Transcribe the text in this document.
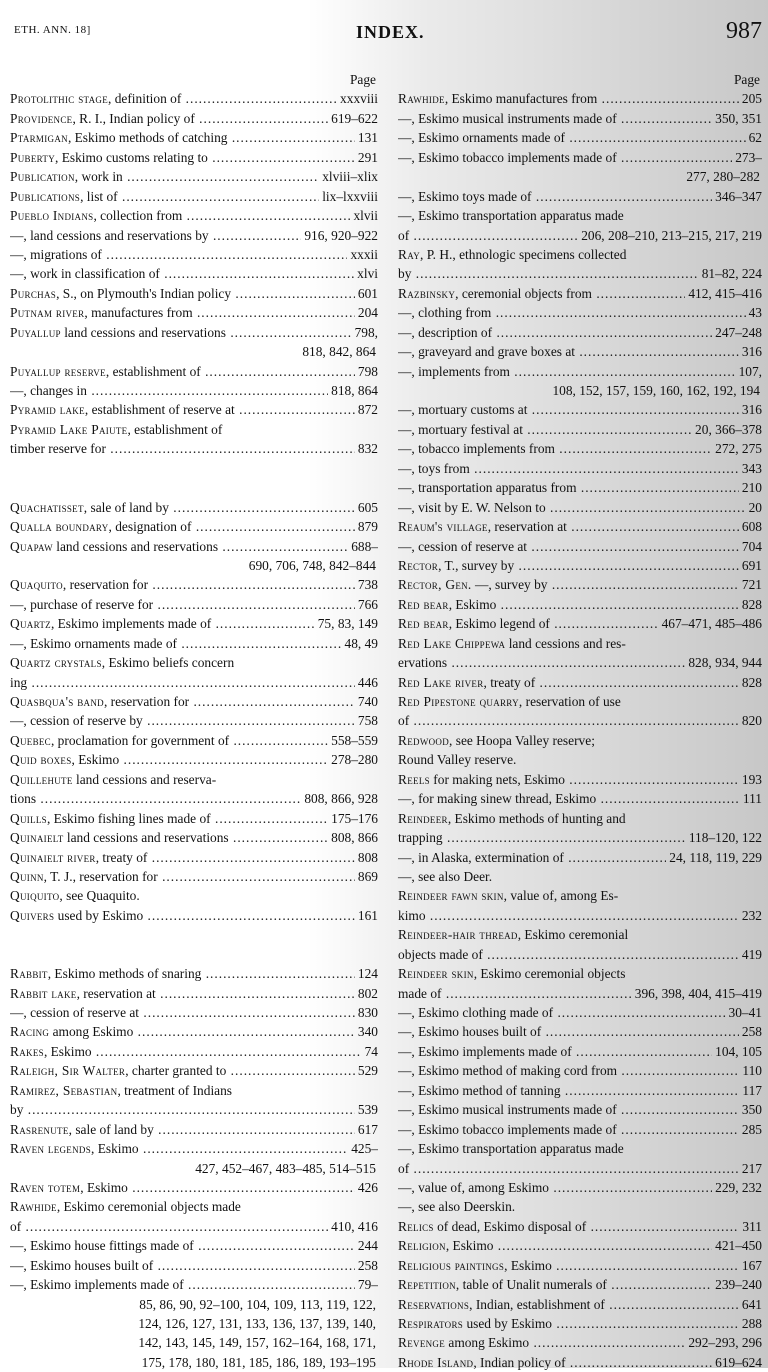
ETH. ANN. 18]	INDEX.	987
Page
Protolithic stage, definition of .....	xxxviii
Providence, R. I., Indian policy of .....	619–622
Ptarmigan, Eskimo methods of catching .....	131
Puberty, Eskimo customs relating to .....	291
Publication, work in .....	xlviii–xlix
Publications, list of .....	lix–lxxviii
Pueblo Indians, collection from .....	xlvii
—, land cessions and reservations by .....	916, 920–922
—, migrations of .....	xxxii
—, work in classification of .....	xlvi
Purchas, S., on Plymouth's Indian policy .....	601
Putnam river, manufactures from .....	204
Puyallup land cessions and reservations .....	798,
818, 842, 864
Puyallup reserve, establishment of .....	798
—, changes in .....	818, 864
Pyramid lake, establishment of reserve at .....	872
Pyramid Lake Paiute, establishment of
timber reserve for .....	832
Quachatisset, sale of land by .....	605
Qualla boundary, designation of .....	879
Quapaw land cessions and reservations .....	688–
690, 706, 748, 842–844
Quaquito, reservation for .....	738
—, purchase of reserve for .....	766
Quartz, Eskimo implements made of .....	75, 83, 149
—, Eskimo ornaments made of .....	48, 49
Quartz crystals, Eskimo beliefs concern
ing .....	446
Quasbqua's band, reservation for .....	740
—, cession of reserve by .....	758
Quebec, proclamation for government of .....	558–559
Quid boxes, Eskimo .....	278–280
Quillehute land cessions and reserva-
tions .....	808, 866, 928
Quills, Eskimo fishing lines made of .....	175–176
Quinaielt land cessions and reservations .....	808, 866
Quinaielt river, treaty of .....	808
Quinn, T. J., reservation for .....	869
Quiquito, see Quaquito.
Quivers used by Eskimo .....	161
Rabbit, Eskimo methods of snaring .....	124
Rabbit lake, reservation at .....	802
—, cession of reserve at .....	830
Racing among Eskimo .....	340
Rakes, Eskimo .....	74
Raleigh, Sir Walter, charter granted to .....	529
Ramirez, Sebastian, treatment of Indians
by .....	539
Rasrenute, sale of land by .....	617
Raven legends, Eskimo .....	425–
427, 452–467, 483–485, 514–515
Raven totem, Eskimo .....	426
Rawhide, Eskimo ceremonial objects made
of .....	410, 416
—, Eskimo house fittings made of .....	244
—, Eskimo houses built of .....	258
—, Eskimo implements made of .....	79–
85, 86, 90, 92–100, 104, 109, 113, 119, 122,
124, 126, 127, 131, 133, 136, 137, 139, 140,
142, 143, 145, 149, 157, 162–164, 168, 171,
175, 178, 180, 181, 185, 186, 189, 193–195
Page
Rawhide, Eskimo manufactures from .....	205
—, Eskimo musical instruments made of .....	350, 351
—, Eskimo ornaments made of .....	62
—, Eskimo tobacco implements made of .....	273–
277, 280–282
—, Eskimo toys made of .....	346–347
—, Eskimo transportation apparatus made
of .....	206, 208–210, 213–215, 217, 219
Ray, P. H., ethnologic specimens collected
by .....	81–82, 224
Razbinsky, ceremonial objects from .....	412, 415–416
—, clothing from .....	43
—, description of .....	247–248
—, graveyard and grave boxes at .....	316
—, implements from .....	107,
108, 152, 157, 159, 160, 162, 192, 194
—, mortuary customs at .....	316
—, mortuary festival at .....	20, 366–378
—, tobacco implements from .....	272, 275
—, toys from .....	343
—, transportation apparatus from .....	210
—, visit by E. W. Nelson to .....	20
Reaum's village, reservation at .....	608
—, cession of reserve at .....	704
Rector, T., survey by .....	691
Rector, Gen. —, survey by .....	721
Red bear, Eskimo .....	828
Red bear, Eskimo legend of .....	467–471, 485–486
Red Lake Chippewa land cessions and res-
ervations .....	828, 934, 944
Red Lake river, treaty of .....	828
Red Pipestone quarry, reservation of use
of .....	820
Redwood, see Hoopa Valley reserve;
Round Valley reserve.
Reels for making nets, Eskimo .....	193
—, for making sinew thread, Eskimo .....	111
Reindeer, Eskimo methods of hunting and
trapping .....	118–120, 122
—, in Alaska, extermination of .....	24, 118, 119, 229
—, see also Deer.
Reindeer fawn skin, value of, among Es-
kimo .....	232
Reindeer-hair thread, Eskimo ceremonial
objects made of .....	419
Reindeer skin, Eskimo ceremonial objects
made of .....	396, 398, 404, 415–419
—, Eskimo clothing made of .....	30–41
—, Eskimo houses built of .....	258
—, Eskimo implements made of .....	104, 105
—, Eskimo method of making cord from .....	110
—, Eskimo method of tanning .....	117
—, Eskimo musical instruments made of .....	350
—, Eskimo tobacco implements made of .....	285
—, Eskimo transportation apparatus made
of .....	217
—, value of, among Eskimo .....	229, 232
—, see also Deerskin.
Relics of dead, Eskimo disposal of .....	311
Religion, Eskimo .....	421–450
Religious paintings, Eskimo .....	167
Repetition, table of Unalit numerals of .....	239–240
Reservations, Indian, establishment of .....	641
Respirators used by Eskimo .....	288
Revenge among Eskimo .....	292–293, 296
Rhode Island, Indian policy of .....	619–624
